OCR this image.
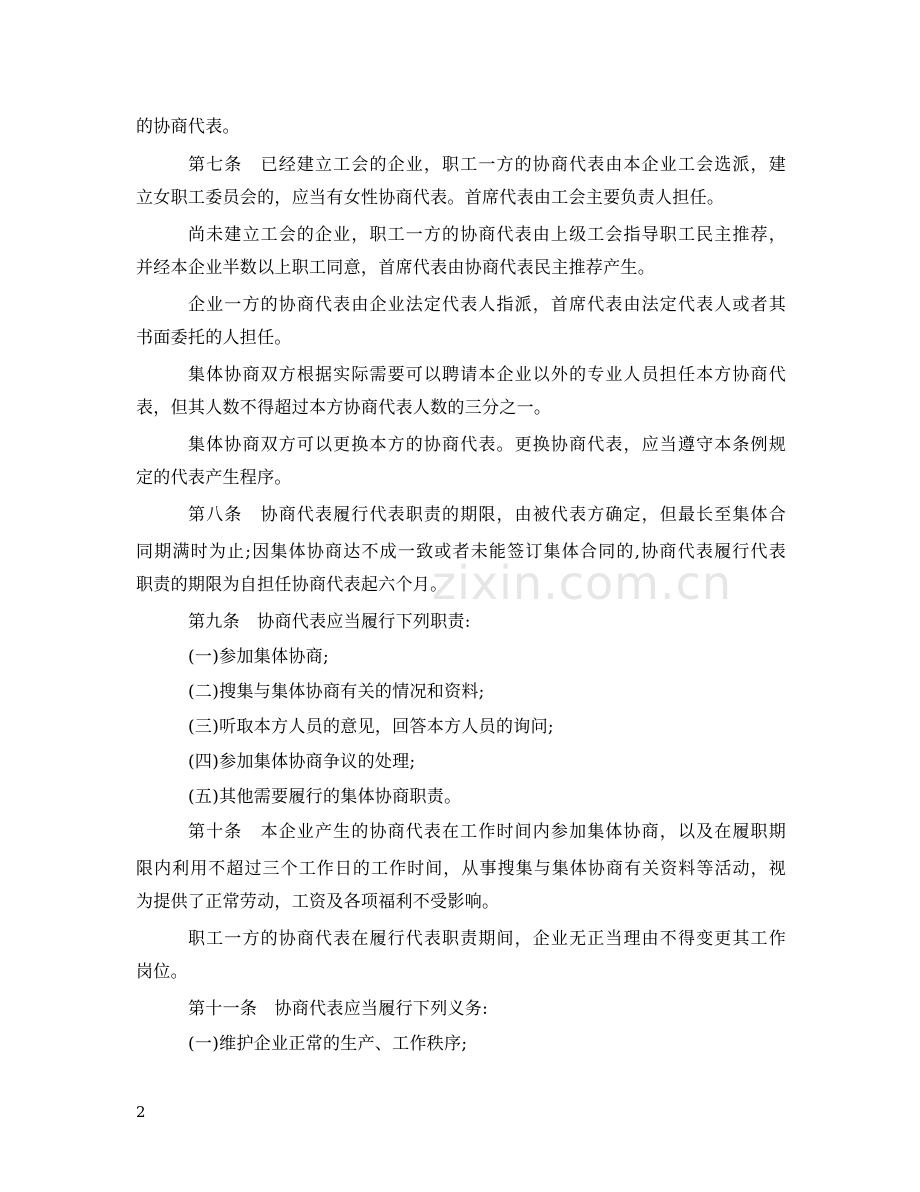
zixin.com.cn
的协商代表。
第七条　已经建立工会的企业，职工一方的协商代表由本企业工会选派，建
立女职工委员会的，应当有女性协商代表。首席代表由工会主要负责人担任。
尚未建立工会的企业，职工一方的协商代表由上级工会指导职工民主推荐，
并经本企业半数以上职工同意，首席代表由协商代表民主推荐产生。
企业一方的协商代表由企业法定代表人指派，首席代表由法定代表人或者其
书面委托的人担任。
集体协商双方根据实际需要可以聘请本企业以外的专业人员担任本方协商代
表，但其人数不得超过本方协商代表人数的三分之一。
集体协商双方可以更换本方的协商代表。更换协商代表，应当遵守本条例规
定的代表产生程序。
第八条　协商代表履行代表职责的期限，由被代表方确定，但最长至集体合
同期满时为止;因集体协商达不成一致或者未能签订集体合同的,协商代表履行代表
职责的期限为自担任协商代表起六个月。
第九条　协商代表应当履行下列职责:
(一)参加集体协商;
(二)搜集与集体协商有关的情况和资料;
(三)听取本方人员的意见，回答本方人员的询问;
(四)参加集体协商争议的处理;
(五)其他需要履行的集体协商职责。
第十条　本企业产生的协商代表在工作时间内参加集体协商，以及在履职期
限内利用不超过三个工作日的工作时间，从事搜集与集体协商有关资料等活动，视
为提供了正常劳动，工资及各项福利不受影响。
职工一方的协商代表在履行代表职责期间，企业无正当理由不得变更其工作
岗位。
第十一条　协商代表应当履行下列义务:
(一)维护企业正常的生产、工作秩序;
2
